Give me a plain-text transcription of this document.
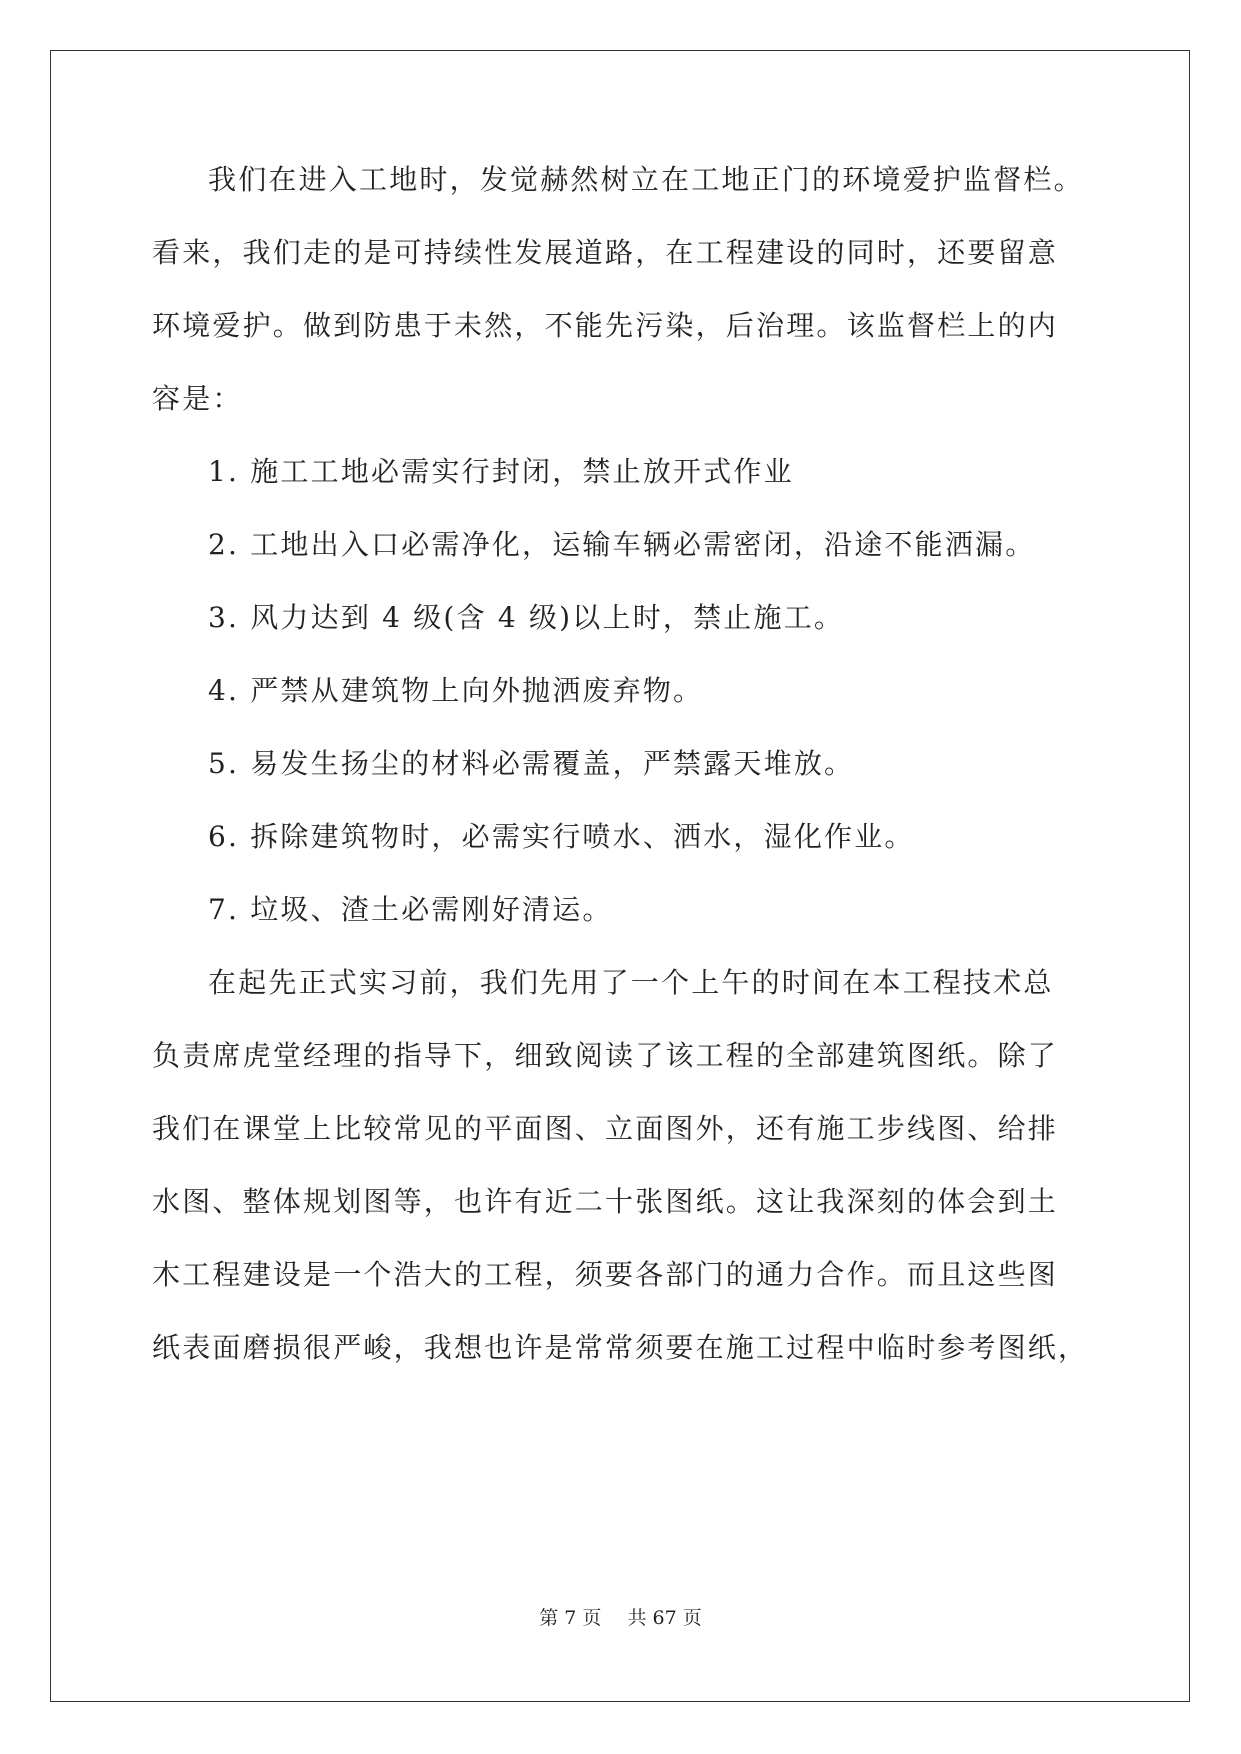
我们在进入工地时，发觉赫然树立在工地正门的环境爱护监督栏。
看来，我们走的是可持续性发展道路，在工程建设的同时，还要留意
环境爱护。做到防患于未然，不能先污染，后治理。该监督栏上的内
容是：
1. 施工工地必需实行封闭，禁止放开式作业
2. 工地出入口必需净化，运输车辆必需密闭，沿途不能洒漏。
3. 风力达到 4 级(含 4 级)以上时，禁止施工。
4. 严禁从建筑物上向外抛洒废弃物。
5. 易发生扬尘的材料必需覆盖，严禁露天堆放。
6. 拆除建筑物时，必需实行喷水、洒水，湿化作业。
7. 垃圾、渣土必需刚好清运。
在起先正式实习前，我们先用了一个上午的时间在本工程技术总
负责席虎堂经理的指导下，细致阅读了该工程的全部建筑图纸。除了
我们在课堂上比较常见的平面图、立面图外，还有施工步线图、给排
水图、整体规划图等，也许有近二十张图纸。这让我深刻的体会到土
木工程建设是一个浩大的工程，须要各部门的通力合作。而且这些图
纸表面磨损很严峻，我想也许是常常须要在施工过程中临时参考图纸，
第 7 页 共 67 页
